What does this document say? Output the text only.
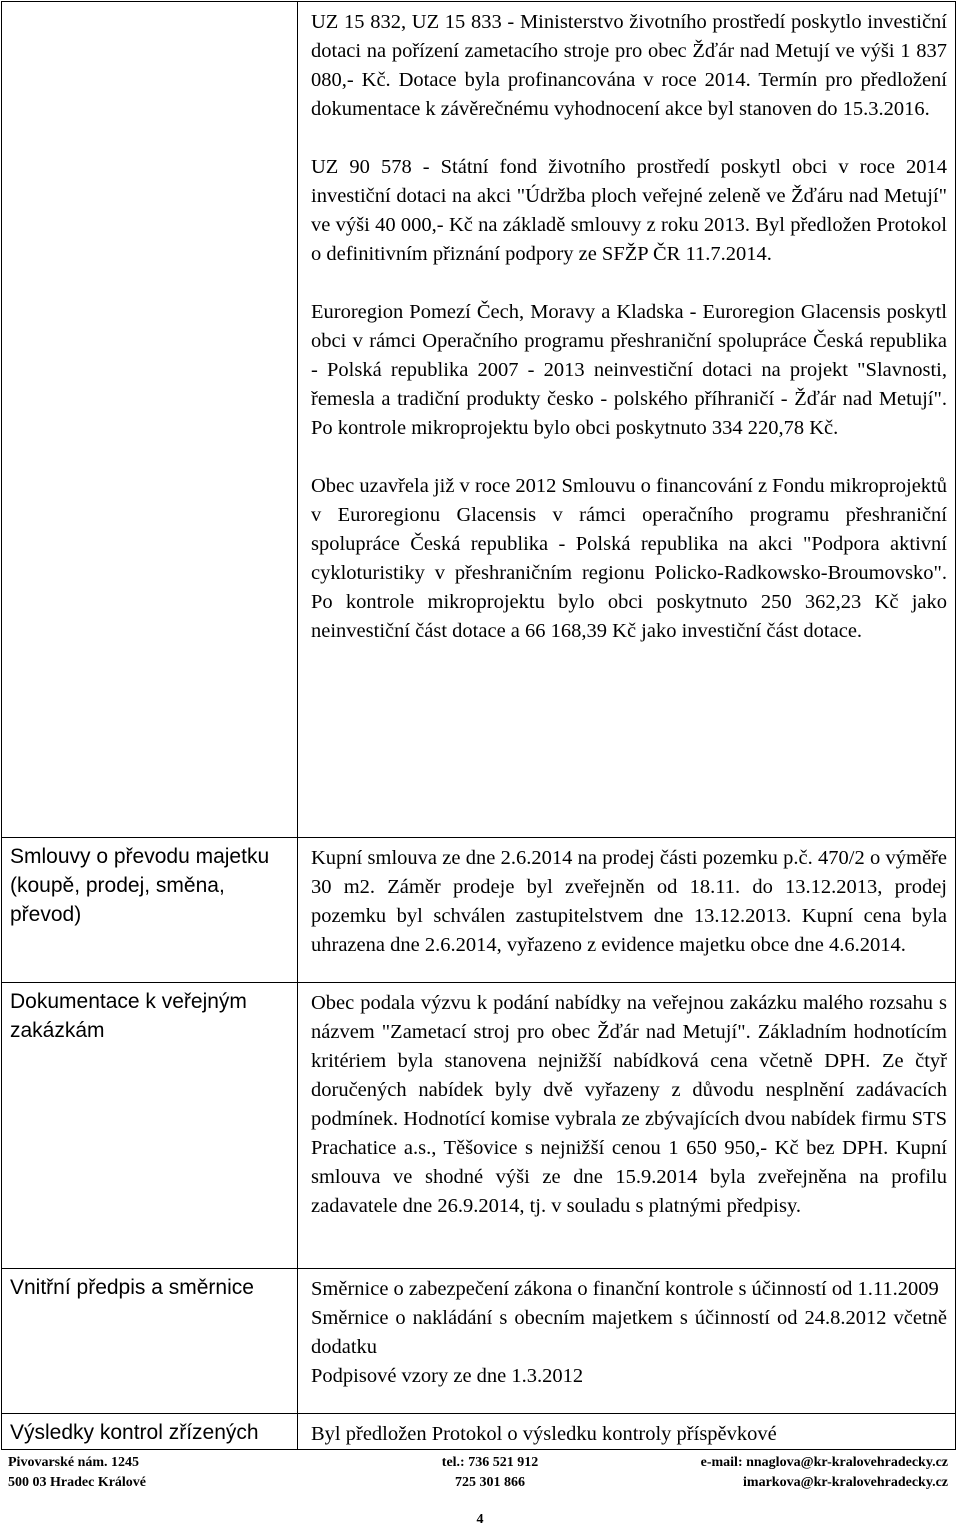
	UZ 15 832, UZ 15 833 - Ministerstvo životního prostředí poskytlo investiční dotaci na pořízení zametacího stroje pro obec Žďár nad Metují ve výši 1 837 080,- Kč. Dotace byla profinancována v roce 2014. Termín pro předložení dokumentace k závěrečnému vyhodnocení akce byl stanoven do 15.3.2016.

UZ 90 578 - Státní fond životního prostředí poskytl obci v roce 2014 investiční dotaci na akci "Údržba ploch veřejné zeleně ve Žďáru nad Metují" ve výši 40 000,- Kč na základě smlouvy z roku 2013. Byl předložen Protokol o definitivním přiznání podpory ze SFŽP ČR 11.7.2014.

Euroregion Pomezí Čech, Moravy a Kladska - Euroregion Glacensis poskytl obci v rámci Operačního programu přeshraniční spolupráce Česká republika - Polská republika 2007 - 2013 neinvestiční dotaci na projekt "Slavnosti, řemesla a tradiční produkty česko - polského příhraničí - Žďár nad Metují". Po kontrole mikroprojektu bylo obci poskytnuto 334 220,78 Kč.

Obec uzavřela již v roce 2012 Smlouvu o financování z Fondu mikroprojektů v Euroregionu Glacensis v rámci operačního programu přeshraniční spolupráce Česká republika - Polská republika na akci "Podpora aktivní cykloturistiky v přeshraničním regionu Policko-Radkowsko-Broumovsko". Po kontrole mikroprojektu bylo obci poskytnuto 250 362,23 Kč jako neinvestiční část dotace a 66 168,39 Kč jako investiční část dotace.

Smlouvy o převodu majetku (koupě, prodej, směna, převod)	Kupní smlouva ze dne 2.6.2014 na prodej části pozemku p.č. 470/2 o výměře 30 m2. Záměr prodeje byl zveřejněn od 18.11. do 13.12.2013, prodej pozemku byl schválen zastupitelstvem dne 13.12.2013. Kupní cena byla uhrazena dne 2.6.2014, vyřazeno z evidence majetku obce dne 4.6.2014.

Dokumentace k veřejným zakázkám	Obec podala výzvu k podání nabídky na veřejnou zakázku malého rozsahu s názvem "Zametací stroj pro obec Žďár nad Metují". Základním hodnotícím kritériem byla stanovena nejnižší nabídková cena včetně DPH. Ze čtyř doručených nabídek byly dvě vyřazeny z důvodu nesplnění zadávacích podmínek. Hodnotící komise vybrala ze zbývajících dvou nabídek firmu STS Prachatice a.s., Těšovice s nejnižší cenou 1 650 950,- Kč bez DPH. Kupní smlouva ve shodné výši ze dne 15.9.2014 byla zveřejněna na profilu zadavatele dne 26.9.2014, tj. v souladu s platnými předpisy.

Vnitřní předpis a směrnice	Směrnice o zabezpečení zákona o finanční kontrole s účinností od 1.11.2009

Směrnice o nakládání s obecním majetkem s účinností od 24.8.2012 včetně dodatku

Podpisové vzory ze dne 1.3.2012

Výsledky kontrol zřízených	Byl předložen Protokol o výsledku kontroly příspěvkové

Pivovarské nám. 1245
500 03 Hradec Králové
tel.: 736 521 912
725 301 866
e-mail: nnaglova@kr-kralovehradecky.cz
imarkova@kr-kralovehradecky.cz
4
